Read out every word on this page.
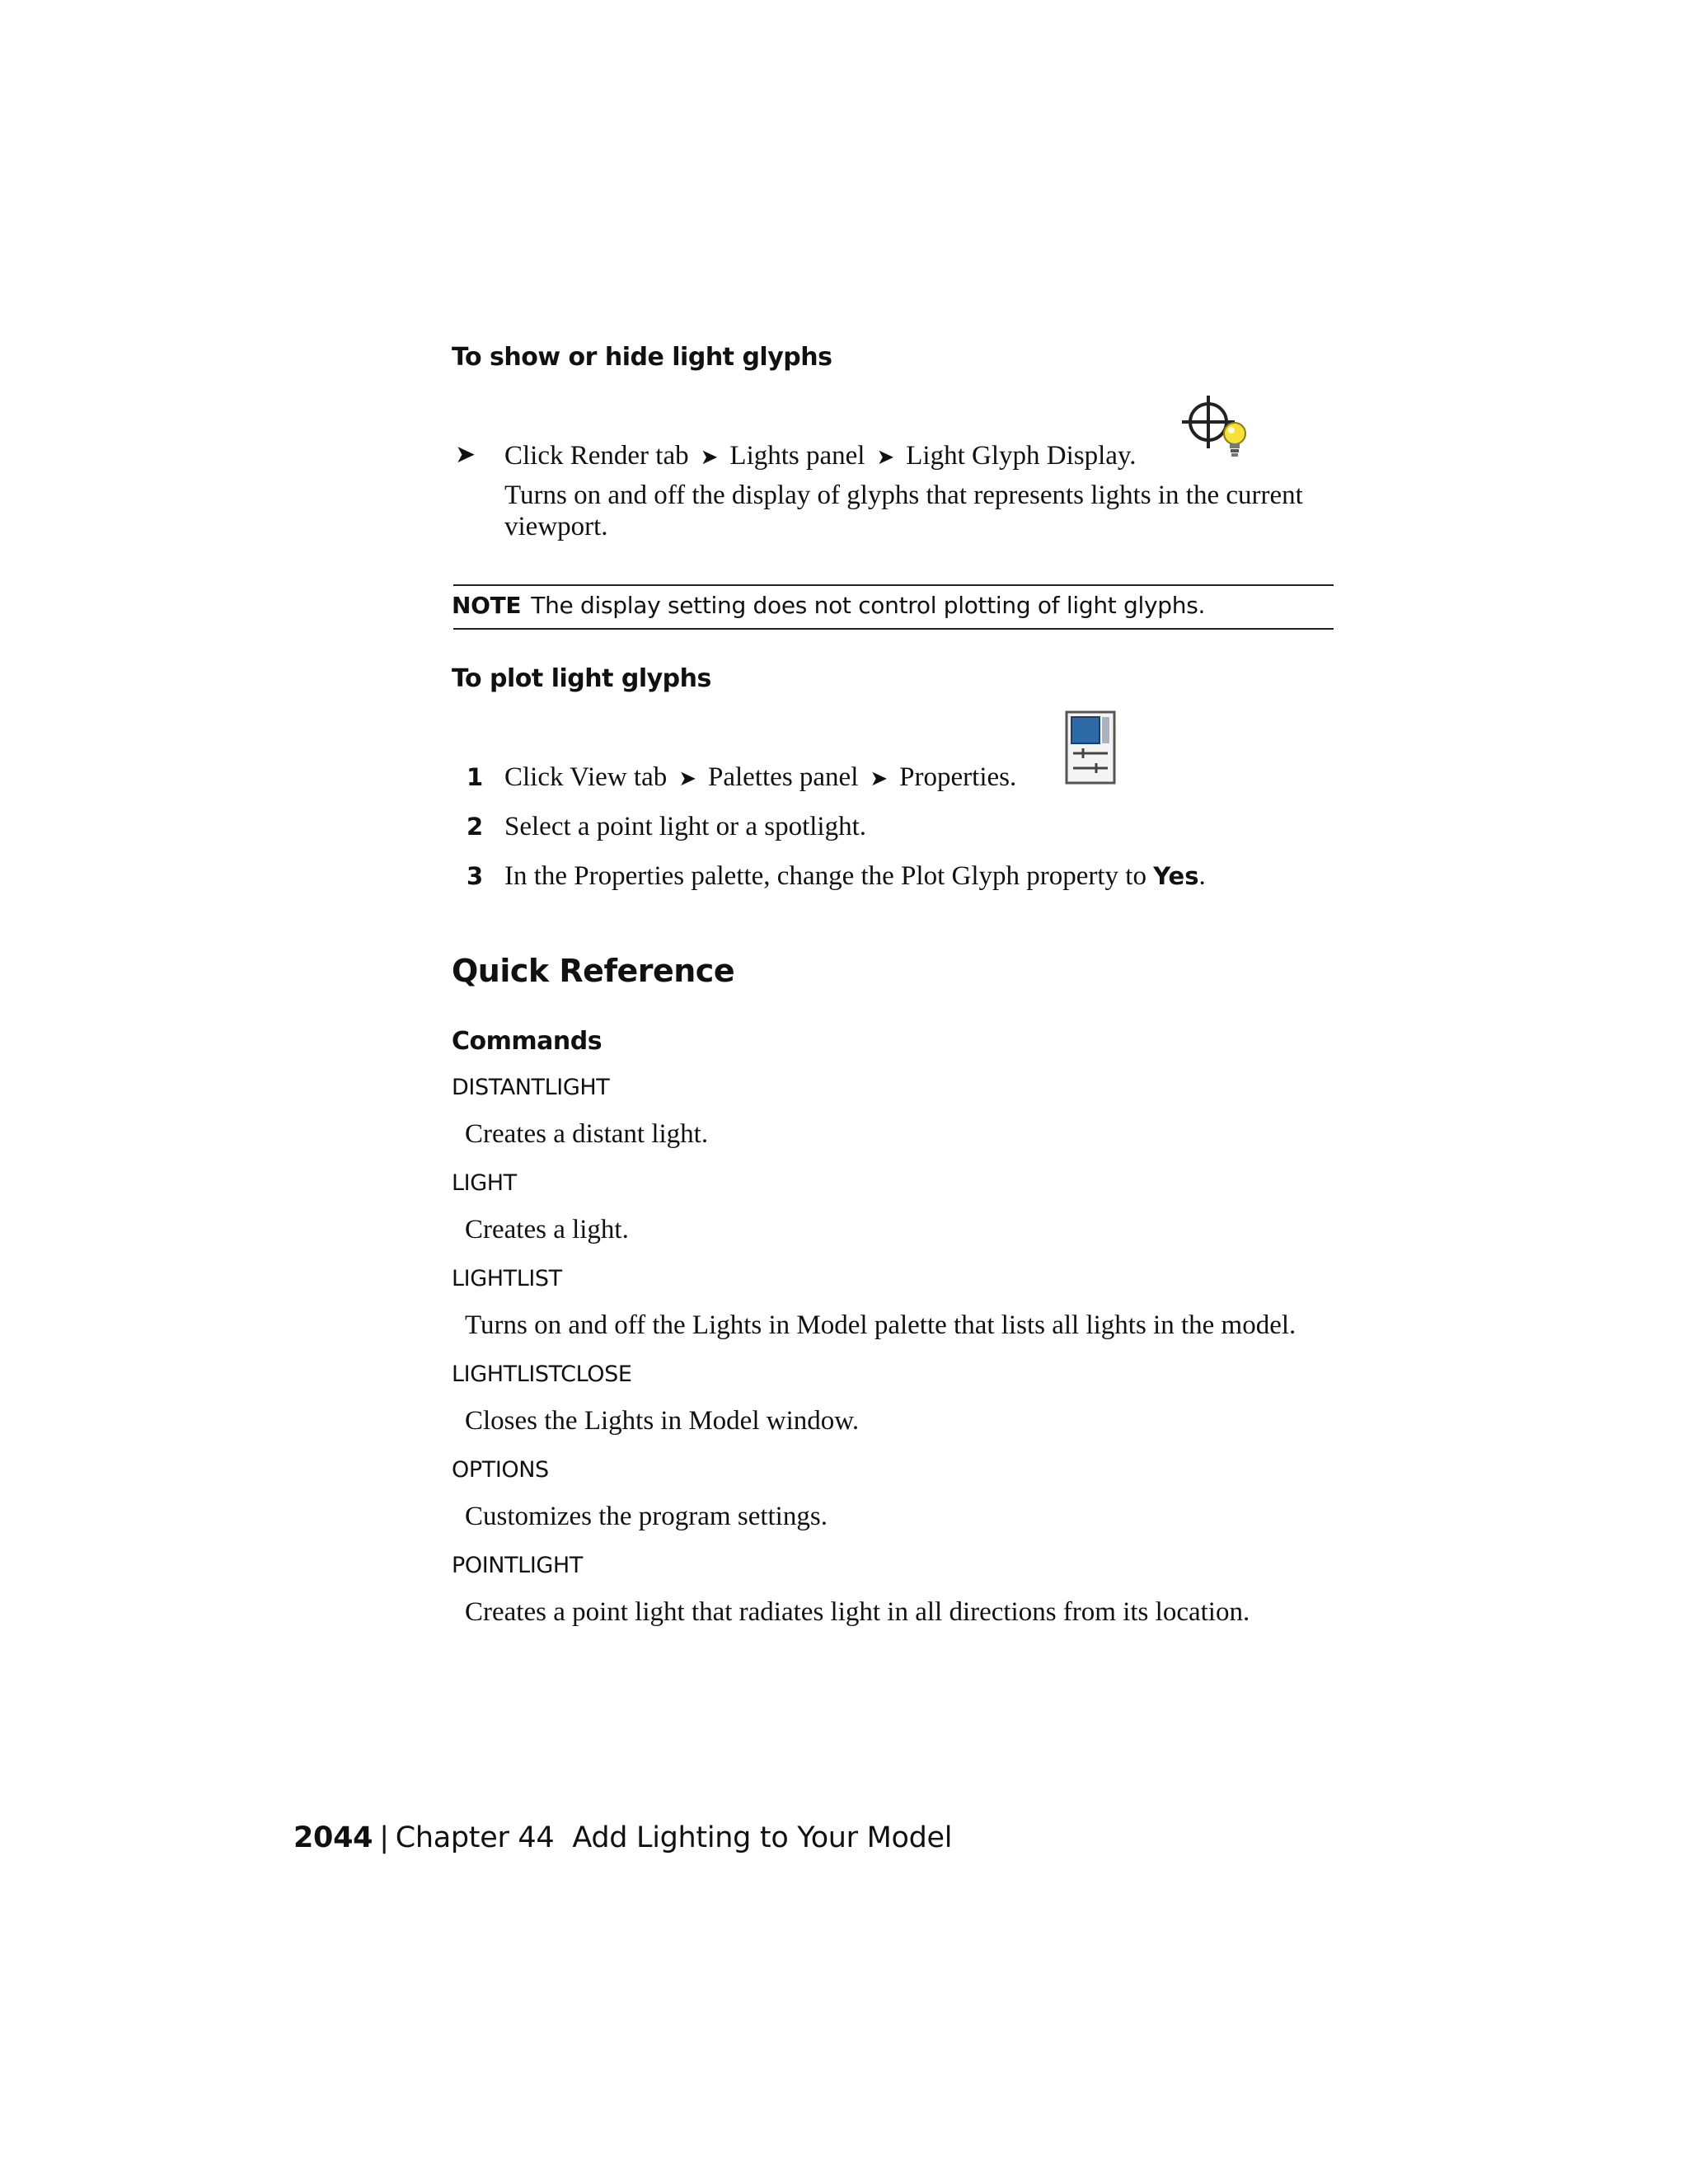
To show or hide light glyphs
➤ Click Render tab ➤ Lights panel ➤ Light Glyph Display.
Turns on and off the display of glyphs that represents lights in the current
viewport.
NOTE The display setting does not control plotting of light glyphs.
To plot light glyphs
1 Click View tab ➤ Palettes panel ➤ Properties.
2 Select a point light or a spotlight.
3 In the Properties palette, change the Plot Glyph property to Yes.
Quick Reference
Commands
DISTANTLIGHT
Creates a distant light.
LIGHT
Creates a light.
LIGHTLIST
Turns on and off the Lights in Model palette that lists all lights in the model.
LIGHTLISTCLOSE
Closes the Lights in Model window.
OPTIONS
Customizes the program settings.
POINTLIGHT
Creates a point light that radiates light in all directions from its location.
2044 | Chapter 44 Add Lighting to Your Model
